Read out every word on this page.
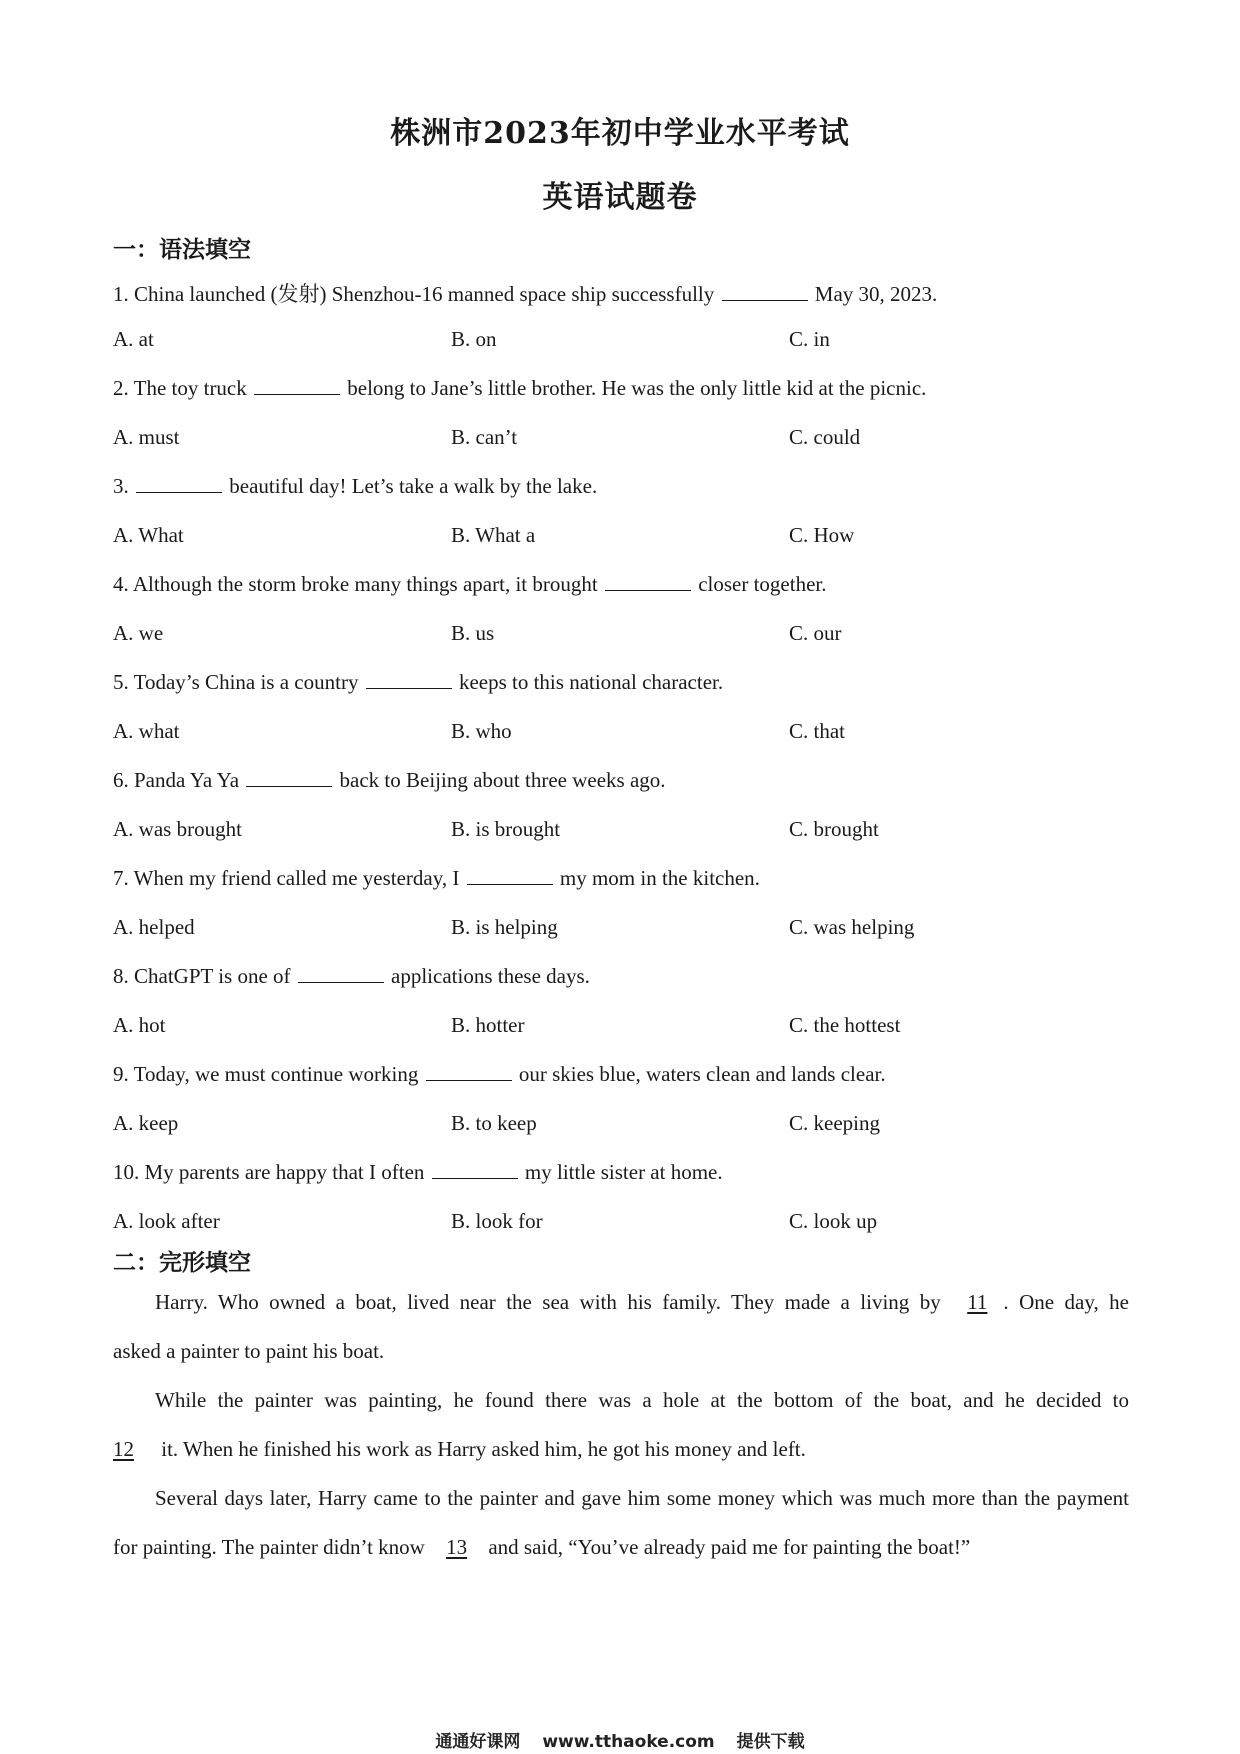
株洲市2023年初中学业水平考试
英语试题卷
一：语法填空
1. China launched (发射) Shenzhou-16 manned space ship successfully	May 30, 2023.
A. at	B. on	C. in
2. The toy truck	belong to Jane’s little brother. He was the only little kid at the picnic.
A. must	B. can’t	C. could
3.	beautiful day! Let’s take a walk by the lake.
A. What	B. What a	C. How
4. Although the storm broke many things apart, it brought	closer together.
A. we	B. us	C. our
5. Today’s China is a country	keeps to this national character.
A. what	B. who	C. that
6. Panda Ya Ya	back to Beijing about three weeks ago.
A. was brought	B. is brought	C. brought
7. When my friend called me yesterday, I	my mom in the kitchen.
A. helped	B. is helping	C. was helping
8. ChatGPT is one of	applications these days.
A. hot	B. hotter	C. the hottest
9. Today, we must continue working	our skies blue, waters clean and lands clear.
A. keep	B. to keep	C. keeping
10. My parents are happy that I often	my little sister at home.
A. look after	B. look for	C. look up
二：完形填空
Harry. Who owned a boat, lived near the sea with his family. They made a living by 11 . One day, he
asked a painter to paint his boat.
While the painter was painting, he found there was a hole at the bottom of the boat, and he decided to
12 it. When he finished his work as Harry asked him, he got his money and left.
Several days later, Harry came to the painter and gave him some money which was much more than the payment
for painting. The painter didn’t know 13 and said, “You’ve already paid me for painting the boat!”
通通好课网 www.tthaoke.com 提供下载
